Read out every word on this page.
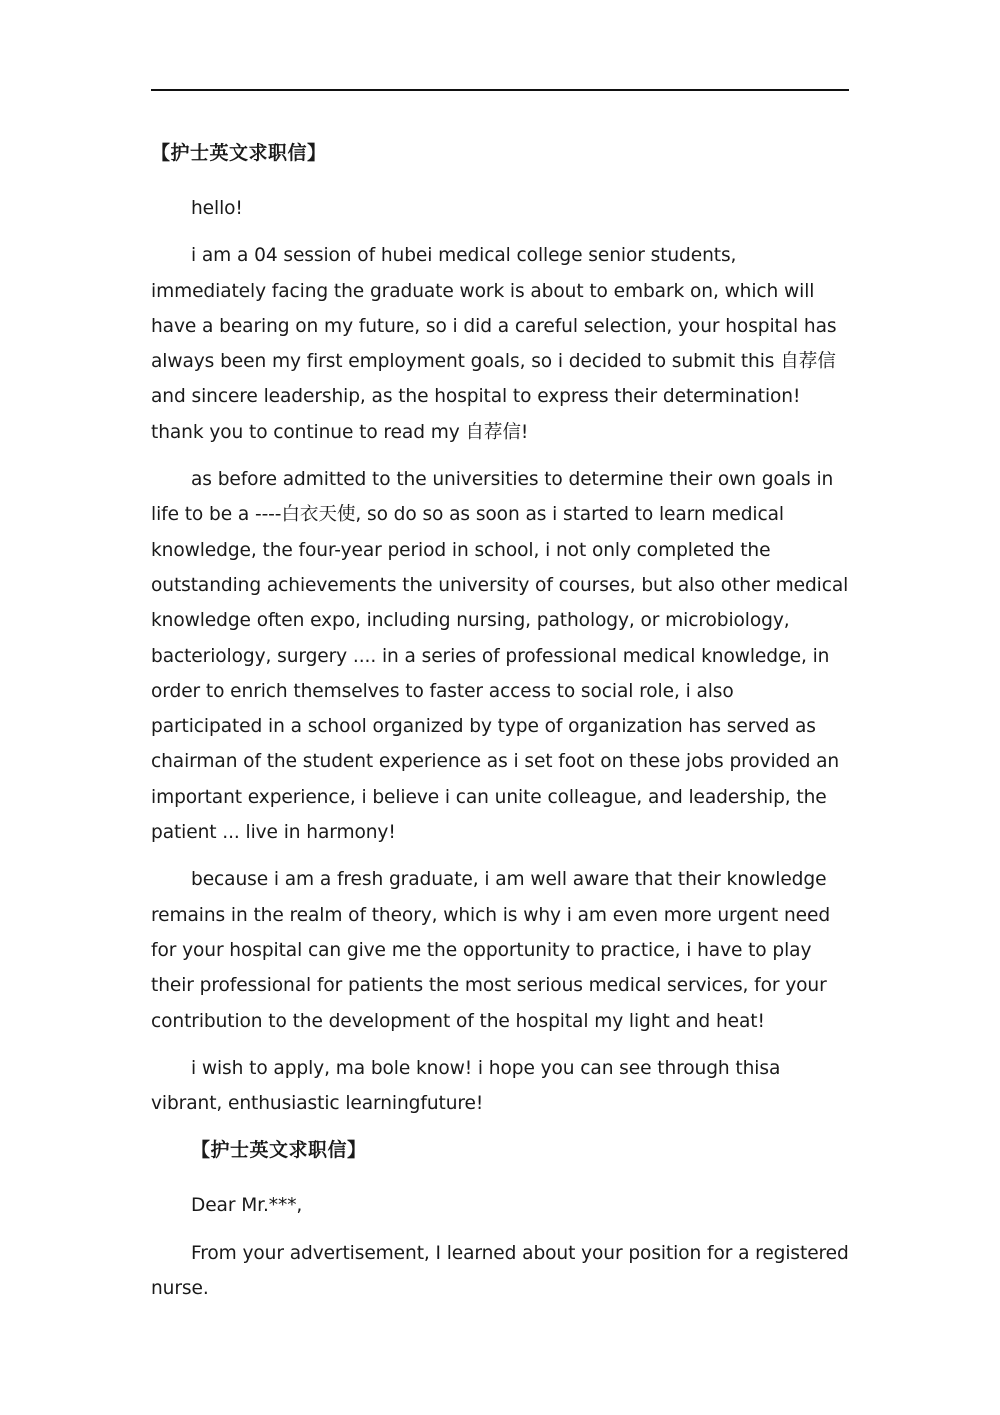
【护士英文求职信】

hello!

i am a 04 session of hubei medical college senior students, immediately facing the graduate work is about to embark on, which will have a bearing on my future, so i did a careful selection, your hospital has always been my first employment goals, so i decided to submit this 自荐信 and sincere leadership, as the hospital to express their determination! thank you to continue to read my 自荐信!

as before admitted to the universities to determine their own goals in life to be a ----白衣天使, so do so as soon as i started to learn medical knowledge, the four-year period in school, i not only completed the outstanding achievements the university of courses, but also other medical knowledge often expo, including nursing, pathology, or microbiology, bacteriology, surgery .... in a series of professional medical knowledge, in order to enrich themselves to faster access to social role, i also participated in a school organized by type of organization has served as chairman of the student experience as i set foot on these jobs provided an important experience, i believe i can unite colleague, and leadership, the patient ... live in harmony!

because i am a fresh graduate, i am well aware that their knowledge remains in the realm of theory, which is why i am even more urgent need for your hospital can give me the opportunity to practice, i have to play their professional for patients the most serious medical services, for your contribution to the development of the hospital my light and heat!

i wish to apply, ma bole know! i hope you can see through thisa vibrant, enthusiastic learningfuture!

【护士英文求职信】

Dear Mr.***,

From your advertisement, I learned about your position for a registered nurse.
